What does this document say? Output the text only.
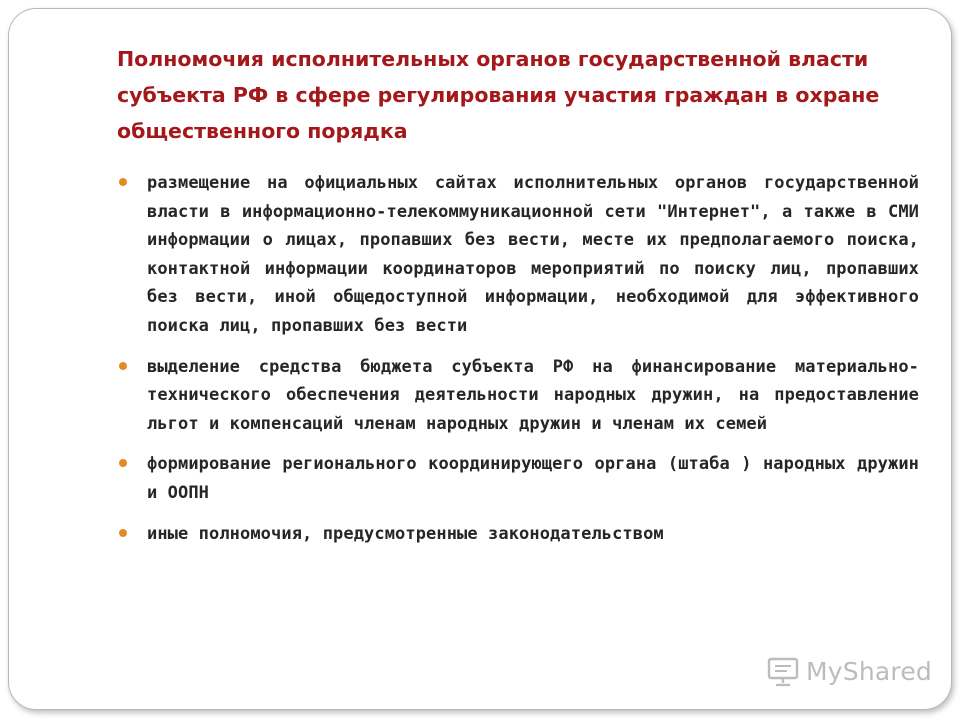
Полномочия исполнительных органов государственной власти субъекта РФ в сфере регулирования участия граждан в охране общественного порядка
размещение на официальных сайтах исполнительных органов государственной власти в информационно-телекоммуникационной сети "Интернет", а также в СМИ информации о лицах, пропавших без вести, месте их предполагаемого поиска, контактной информации координаторов мероприятий по поиску лиц, пропавших без вести, иной общедоступной информации, необходимой для эффективного поиска лиц, пропавших без вести
выделение средства бюджета субъекта РФ на финансирование материально-технического обеспечения деятельности народных дружин, на предоставление льгот и компенсаций членам народных дружин и членам их семей
формирование регионального координирующего органа (штаба ) народных дружин и ООПН
иные полномочия, предусмотренные законодательством
MyShared
